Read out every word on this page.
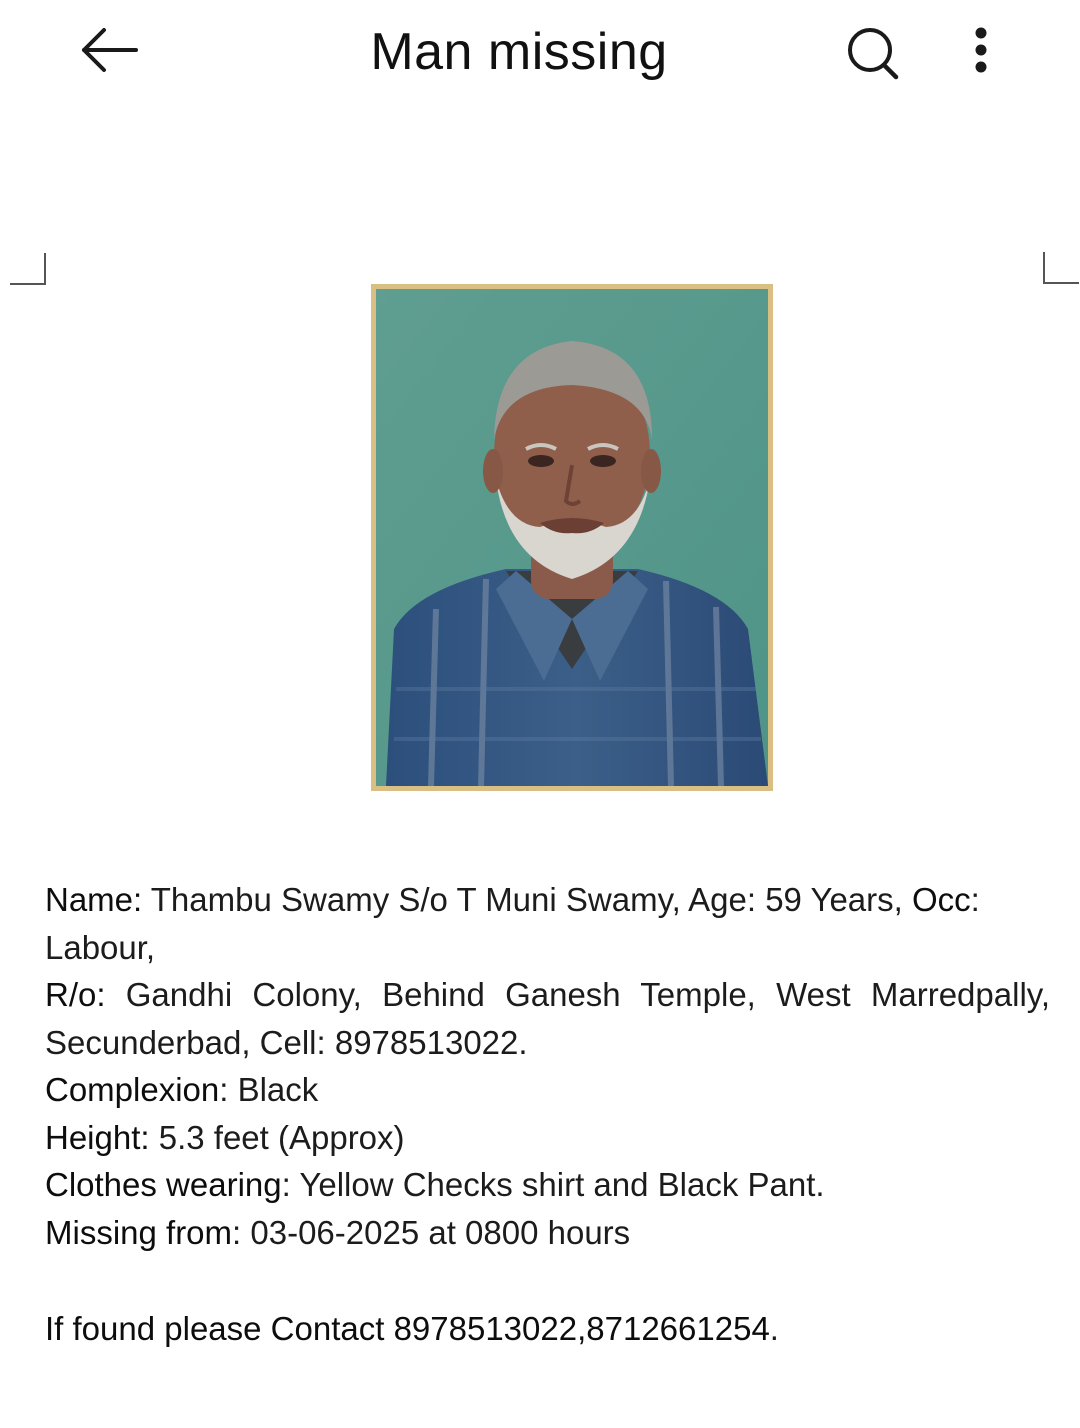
Man missing

Name: Thambu Swamy S/o T Muni Swamy, Age: 59 Years, Occ: Labour,

R/o: Gandhi Colony, Behind Ganesh Temple, West Marredpally, Secunderbad, Cell: 8978513022.

Complexion: Black

Height: 5.3 feet (Approx)

Clothes wearing: Yellow Checks shirt and Black Pant.

Missing from: 03-06-2025 at 0800 hours

If found please Contact 8978513022,8712661254.
